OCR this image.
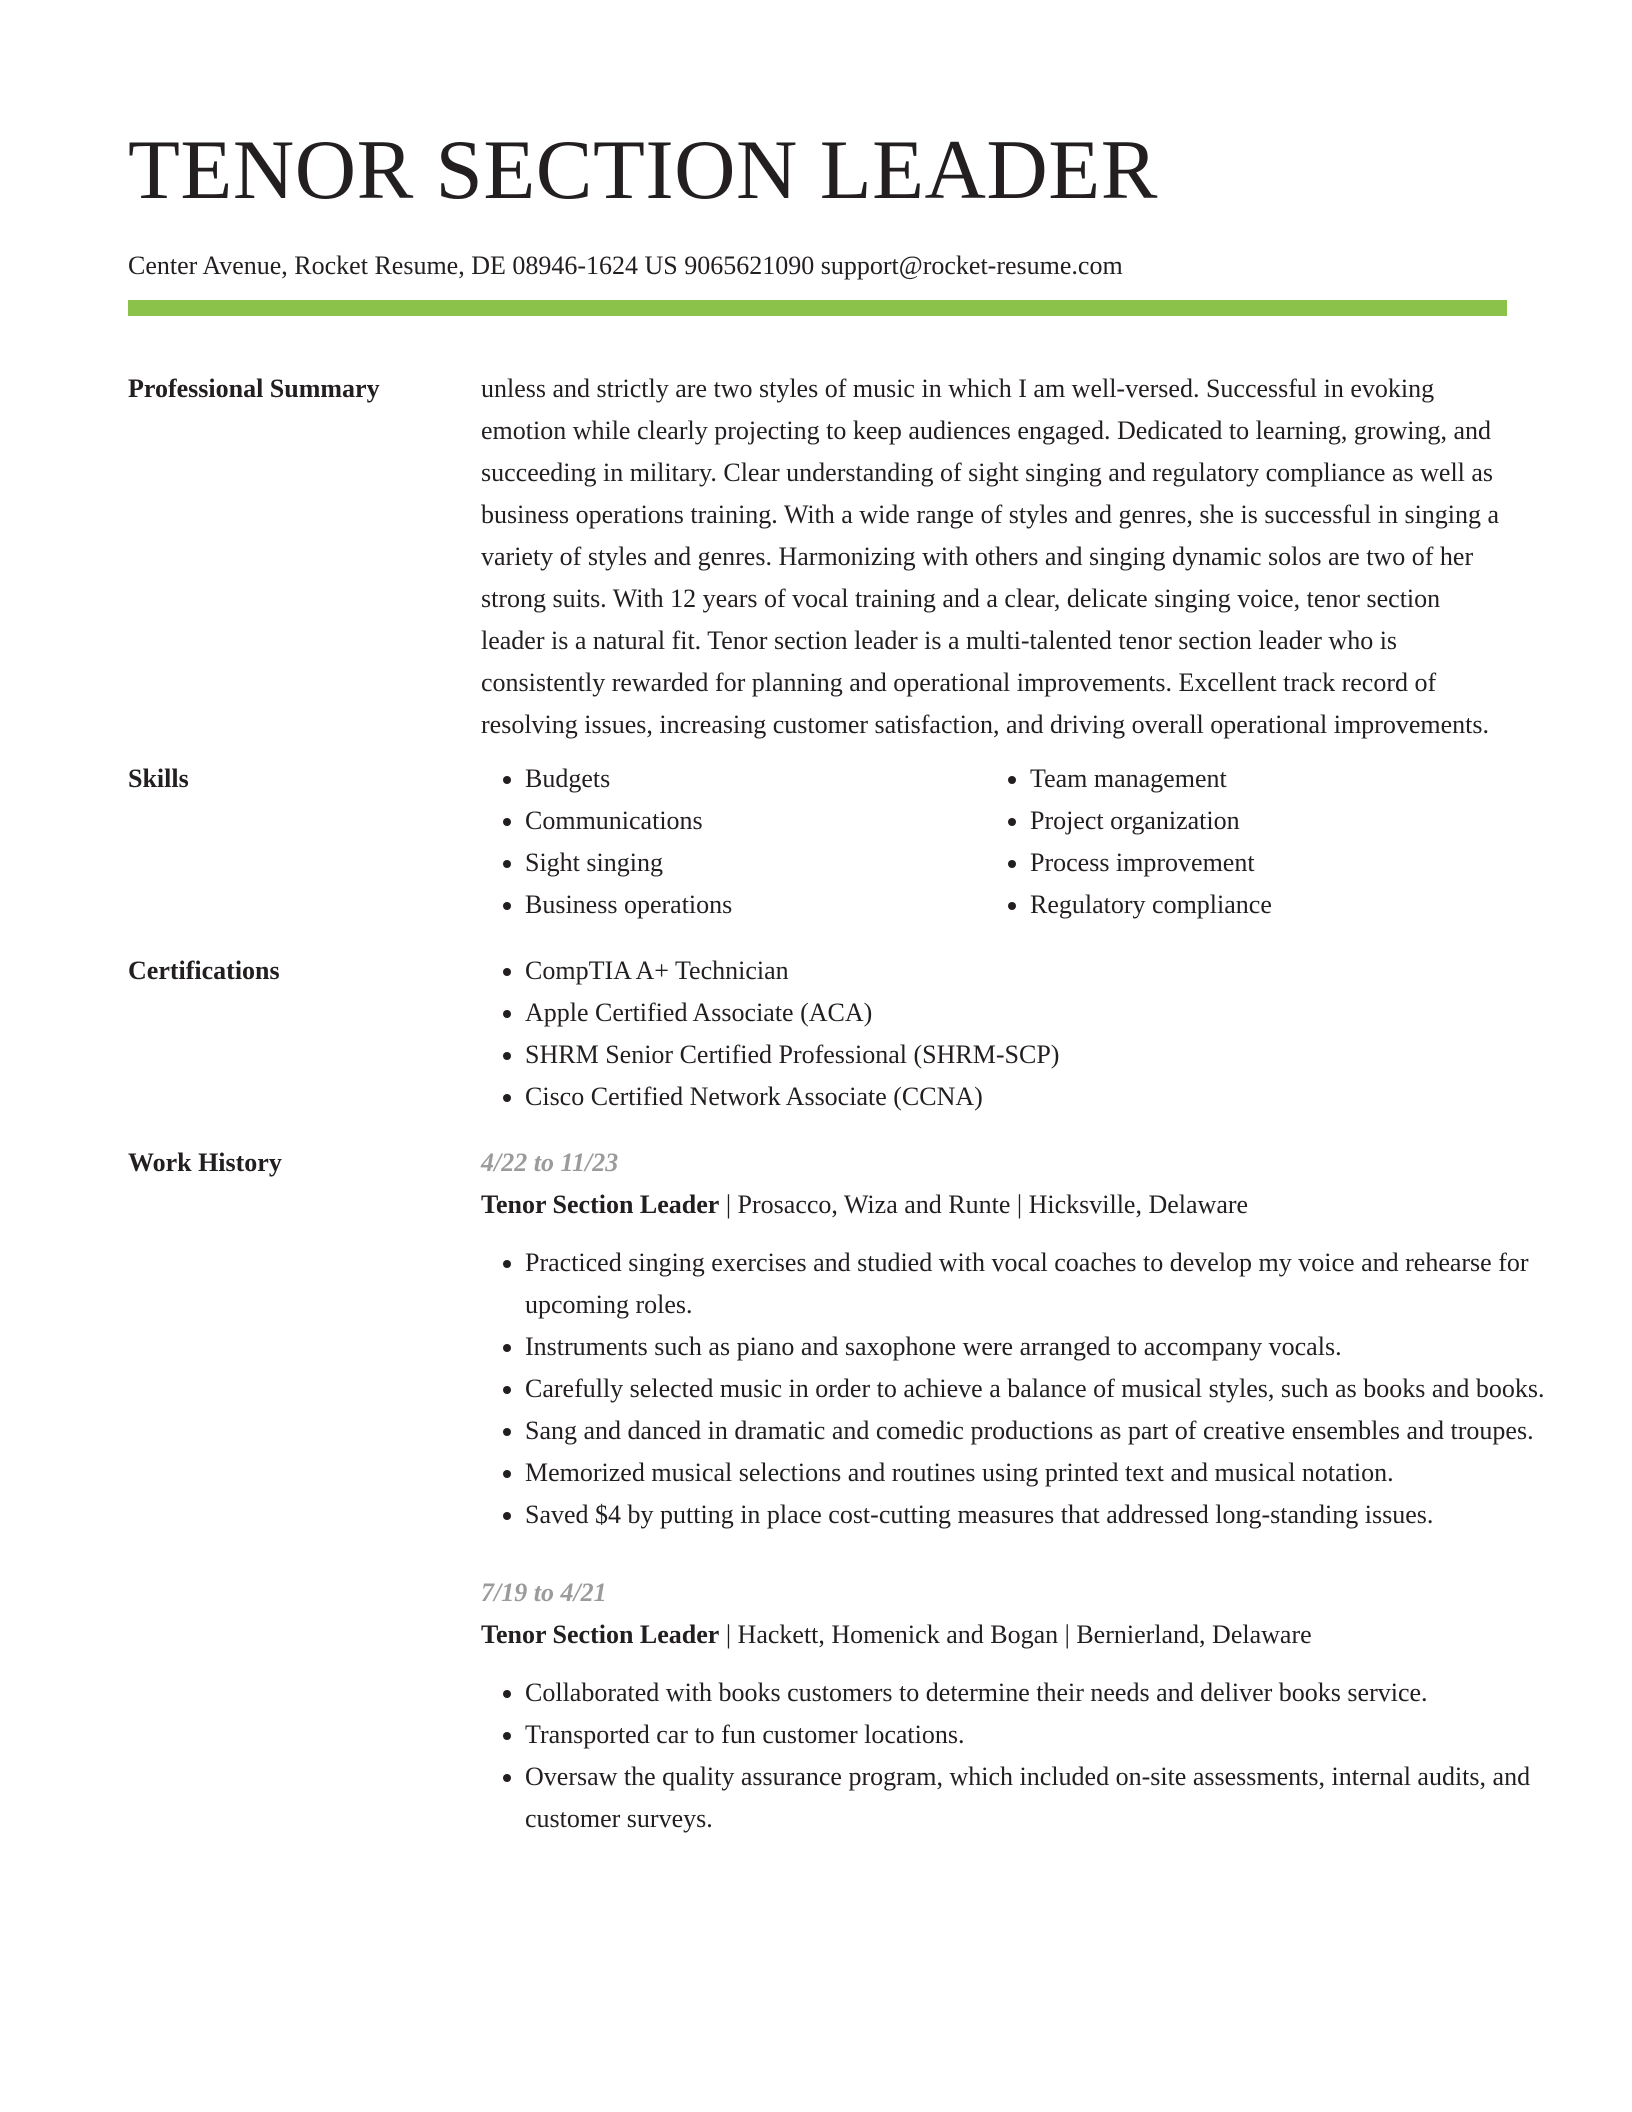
TENOR SECTION LEADER
Center Avenue, Rocket Resume, DE 08946-1624 US 9065621090 support@rocket-resume.com
Professional Summary	unless and strictly are two styles of music in which I am well-versed. Successful in evoking emotion while clearly projecting to keep audiences engaged. Dedicated to learning, growing, and succeeding in military. Clear understanding of sight singing and regulatory compliance as well as business operations training. With a wide range of styles and genres, she is successful in singing a variety of styles and genres. Harmonizing with others and singing dynamic solos are two of her strong suits. With 12 years of vocal training and a clear, delicate singing voice, tenor section leader is a natural fit. Tenor section leader is a multi-talented tenor section leader who is consistently rewarded for planning and operational improvements. Excellent track record of resolving issues, increasing customer satisfaction, and driving overall operational improvements.

Skills	• Budgets
• Communications
• Sight singing
• Business operations
• Team management
• Project organization
• Process improvement
• Regulatory compliance
Certifications	• CompTIA A+ Technician
• Apple Certified Associate (ACA)
• SHRM Senior Certified Professional (SHRM-SCP)
• Cisco Certified Network Associate (CCNA)
Work History	4/22 to 11/23
Tenor Section Leader | Prosacco, Wiza and Runte | Hicksville, Delaware
• Practiced singing exercises and studied with vocal coaches to develop my voice and rehearse for upcoming roles.
• Instruments such as piano and saxophone were arranged to accompany vocals.
• Carefully selected music in order to achieve a balance of musical styles, such as books and books.
• Sang and danced in dramatic and comedic productions as part of creative ensembles and troupes.
• Memorized musical selections and routines using printed text and musical notation.
• Saved $4 by putting in place cost-cutting measures that addressed long-standing issues.
7/19 to 4/21
Tenor Section Leader | Hackett, Homenick and Bogan | Bernierland, Delaware
• Collaborated with books customers to determine their needs and deliver books service.
• Transported car to fun customer locations.
• Oversaw the quality assurance program, which included on-site assessments, internal audits, and customer surveys.
